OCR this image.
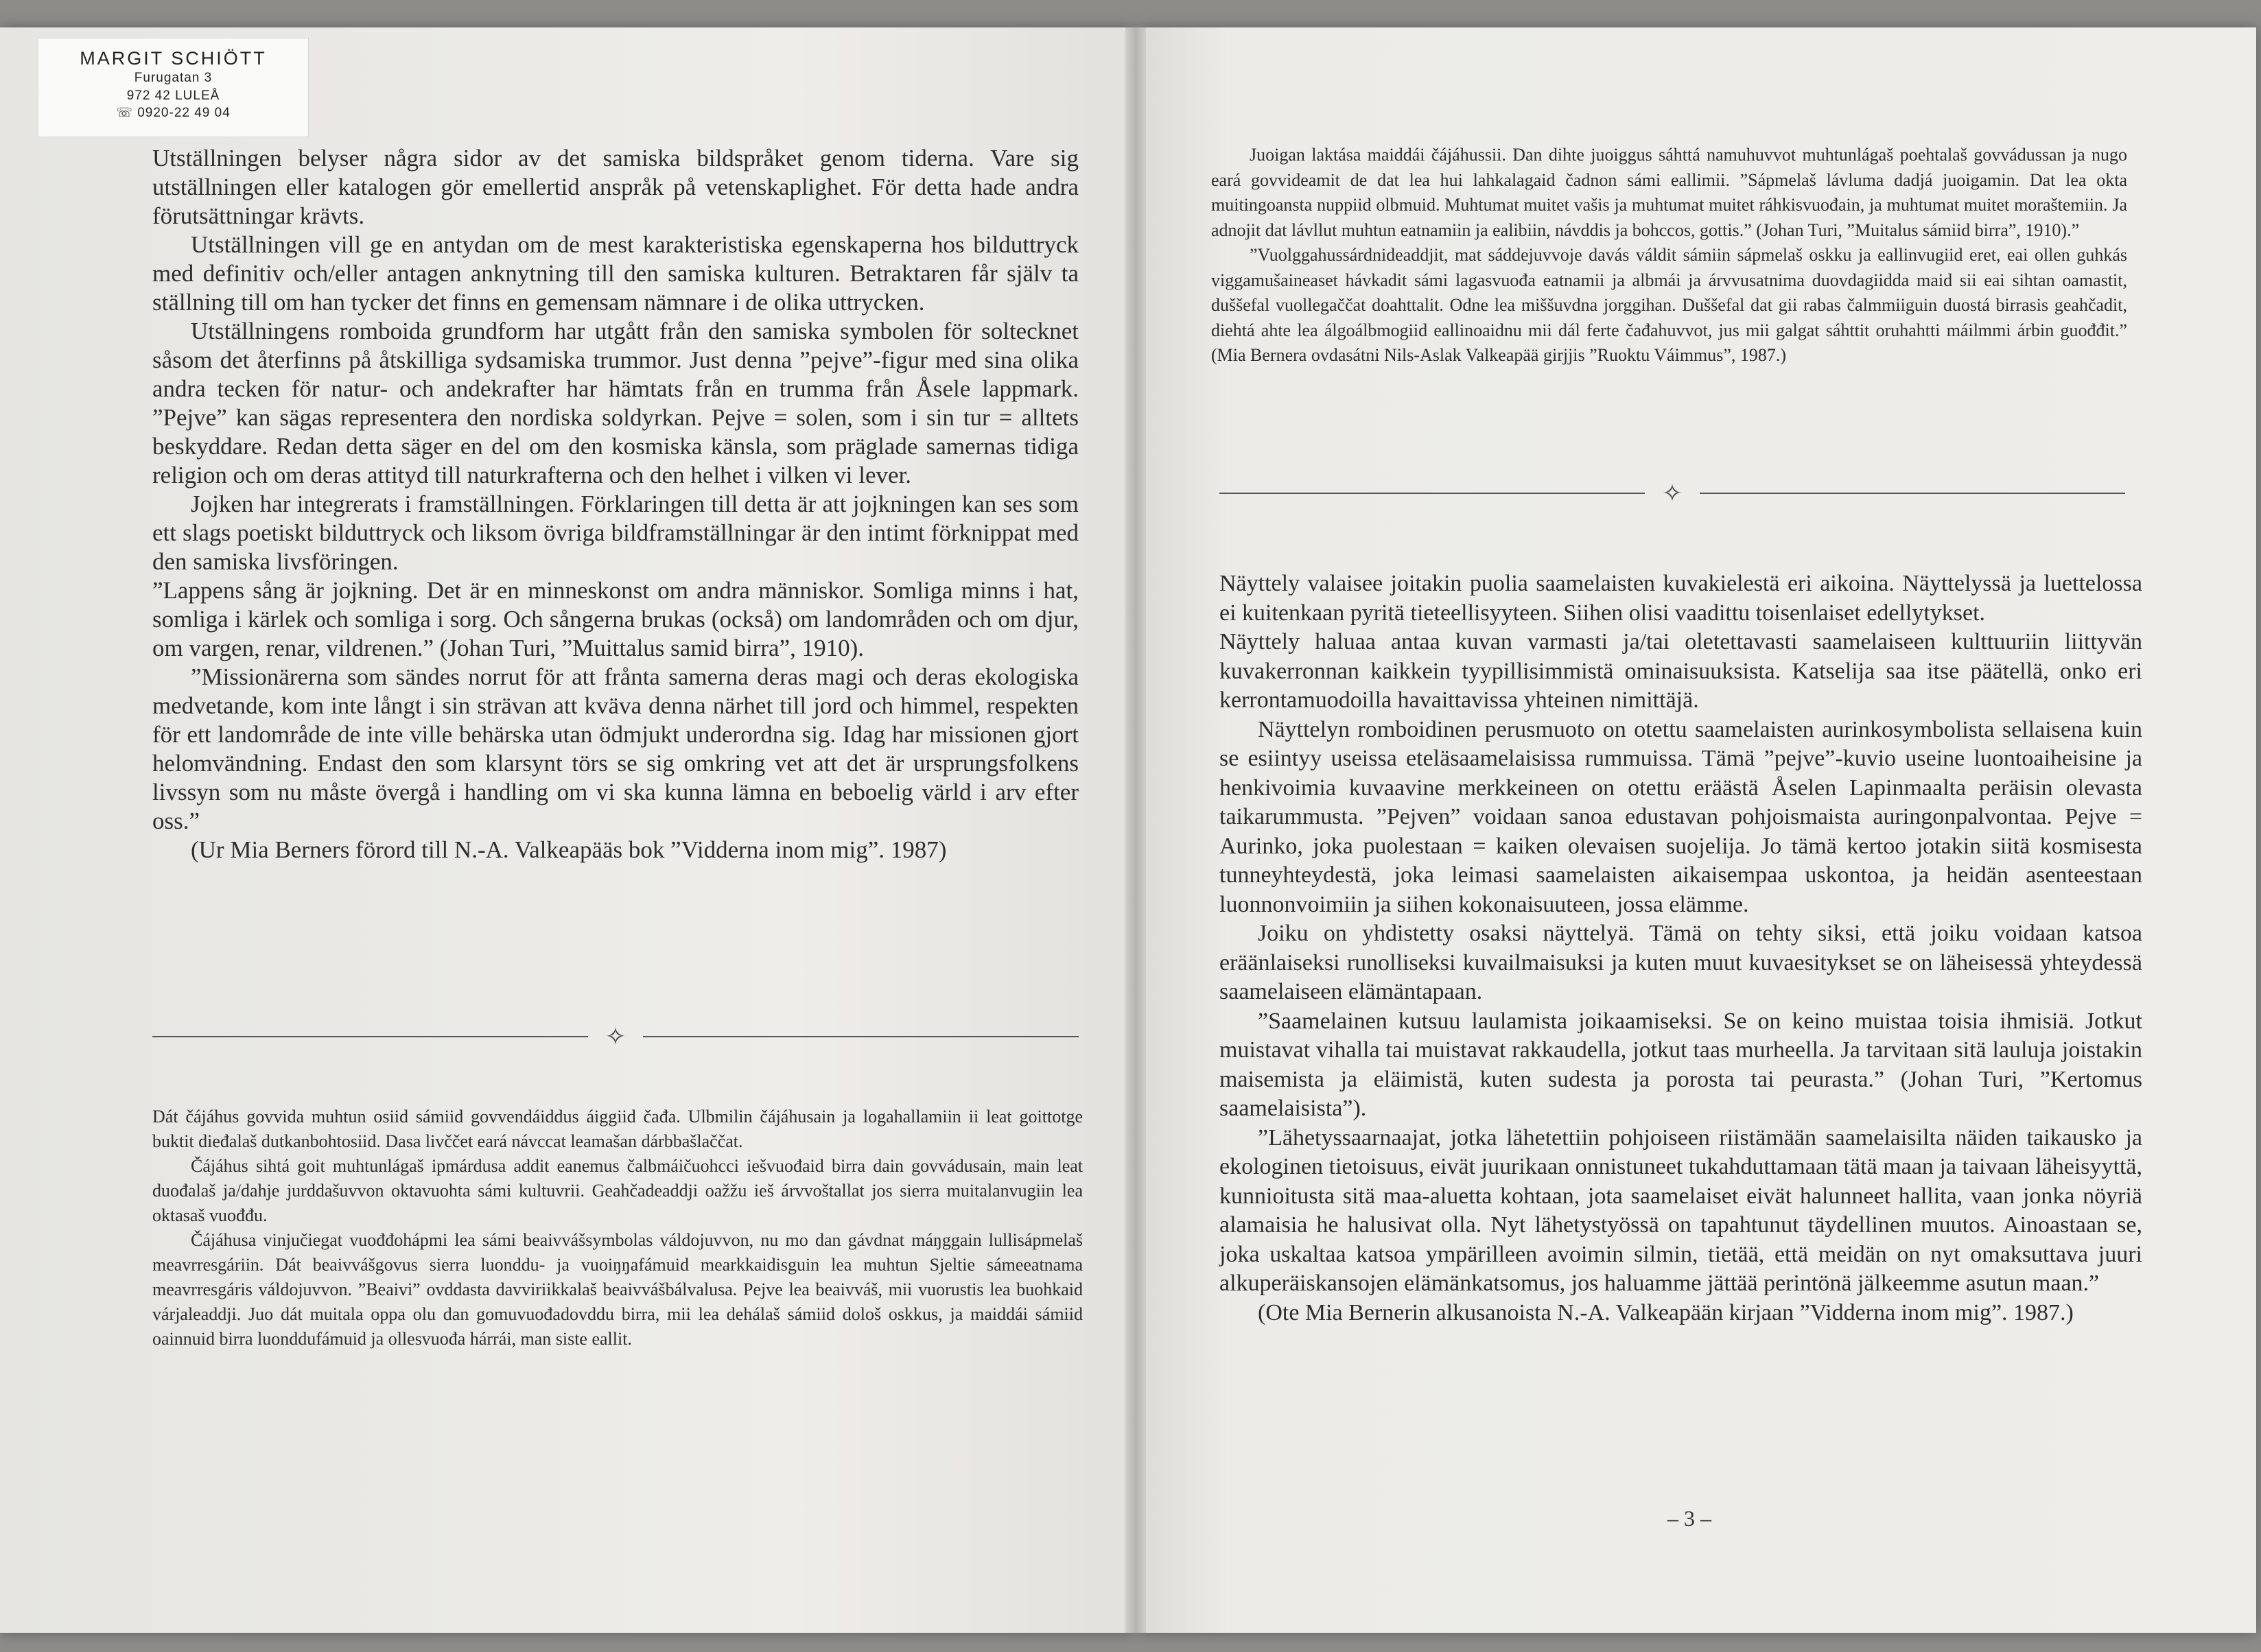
MARGIT SCHIÖTT
Furugatan 3
972 42 LULEÅ
☏ 0920-22 49 04

Utställningen belyser några sidor av det samiska bildspråket genom tiderna. Vare sig utställningen eller katalogen gör emellertid anspråk på vetenskaplighet. För detta hade andra förutsättningar krävts.

Utställningen vill ge en antydan om de mest karakteristiska egenskaperna hos bilduttryck med definitiv och/eller antagen anknytning till den samiska kulturen. Betraktaren får själv ta ställning till om han tycker det finns en gemensam nämnare i de olika uttrycken.

Utställningens romboida grundform har utgått från den samiska symbolen för soltecknet såsom det återfinns på åtskilliga sydsamiska trummor. Just denna ”pejve”-figur med sina olika andra tecken för natur- och andekrafter har hämtats från en trumma från Åsele lappmark. ”Pejve” kan sägas representera den nordiska soldyrkan. Pejve = solen, som i sin tur = alltets beskyddare. Redan detta säger en del om den kosmiska känsla, som präglade samernas tidiga religion och om deras attityd till naturkrafterna och den helhet i vilken vi lever.

Jojken har integrerats i framställningen. Förklaringen till detta är att jojkningen kan ses som ett slags poetiskt bilduttryck och liksom övriga bildframställningar är den intimt förknippat med den samiska livsföringen.

”Lappens sång är jojkning. Det är en minneskonst om andra människor. Somliga minns i hat, somliga i kärlek och somliga i sorg. Och sångerna brukas (också) om landområden och om djur, om vargen, renar, vildrenen.” (Johan Turi, ”Muittalus samid birra”, 1910).

”Missionärerna som sändes norrut för att frånta samerna deras magi och deras ekologiska medvetande, kom inte långt i sin strävan att kväva denna närhet till jord och himmel, respekten för ett landområde de inte ville behärska utan ödmjukt underordna sig. Idag har missionen gjort helomvändning. Endast den som klarsynt törs se sig omkring vet att det är ursprungsfolkens livssyn som nu måste övergå i handling om vi ska kunna lämna en beboelig värld i arv efter oss.”

(Ur Mia Berners förord till N.-A. Valkeapääs bok ”Vidderna inom mig”. 1987)

✧

Dát čájáhus govvida muhtun osiid sámiid govvendáiddus áiggiid čađa. Ulbmilin čájáhusain ja logahallamiin ii leat goittotge buktit dieđalaš dutkanbohtosiid. Dasa livččet eará návccat leamašan dárbbašlaččat.

Čájáhus sihtá goit muhtunlágaš ipmárdusa addit eanemus čalbmáičuohcci iešvuođaid birra dain govvádusain, main leat duođalaš ja/dahje jurddašuvvon oktavuohta sámi kultuvrii. Geahčadeaddji oažžu ieš árvvoštallat jos sierra muitalanvugiin lea oktasaš vuođđu.

Čájáhusa vinjučiegat vuođđohápmi lea sámi beaivvášsymbolas váldojuvvon, nu mo dan gávdnat máŋggain lullisápmelaš meavrresgáriin. Dát beaivvášgovus sierra luonddu- ja vuoiŋŋafámuid mearkkaidisguin lea muhtun Sjeltie sámeeatnama meavrresgáris váldojuvvon. ”Beaivi” ovddasta davviriikkalaš beaivvášbálvalusa. Pejve lea beaivváš, mii vuorustis lea buohkaid várjaleaddji. Juo dát muitala oppa olu dan gomuvuođadovddu birra, mii lea dehálaš sámiid dološ oskkus, ja maiddái sámiid oainnuid birra luonddufámuid ja ollesvuođa hárrái, man siste eallit.

Juoigan laktása maiddái čájáhussii. Dan dihte juoiggus sáhttá namuhuvvot muhtunlágaš poehtalaš govvádussan ja nugo eará govvideamit de dat lea hui lahkalagaid čadnon sámi eallimii. ”Sápmelaš lávluma dadjá juoigamin. Dat lea okta muitingoansta nuppiid olbmuid. Muhtumat muitet vašis ja muhtumat muitet ráhkisvuođain, ja muhtumat muitet moraštemiin. Ja adnojit dat lávllut muhtun eatnamiin ja ealibiin, návddis ja bohccos, gottis.” (Johan Turi, ”Muitalus sámiid birra”, 1910).”

”Vuolggahussárdnideaddjit, mat sáddejuvvoje davás váldit sámiin sápmelaš oskku ja eallinvugiid eret, eai ollen guhkás viggamušaineaset hávkadit sámi lagasvuođa eatnamii ja albmái ja árvvusatnima duovdagiidda maid sii eai sihtan oamastit, duššefal vuollegaččat doahttalit. Odne lea miššuvdna jorggihan. Duššefal dat gii rabas čalmmiiguin duostá birrasis geahčadit, diehtá ahte lea álgoálbmogiid eallinoaidnu mii dál ferte čađahuvvot, jus mii galgat sáhttit oruhahtti máilmmi árbin guođđit.” (Mia Bernera ovdasátni Nils-Aslak Valkeapää girjjis ”Ruoktu Váimmus”, 1987.)

✧

Näyttely valaisee joitakin puolia saamelaisten kuvakielestä eri aikoina. Näyttelyssä ja luettelossa ei kuitenkaan pyritä tieteellisyyteen. Siihen olisi vaadittu toisenlaiset edellytykset.

Näyttely haluaa antaa kuvan varmasti ja/tai oletettavasti saamelaiseen kulttuuriin liittyvän kuvakerronnan kaikkein tyypillisimmistä ominaisuuksista. Katselija saa itse päätellä, onko eri kerrontamuodoilla havaittavissa yhteinen nimittäjä.

Näyttelyn romboidinen perusmuoto on otettu saamelaisten aurinkosymbolista sellaisena kuin se esiintyy useissa eteläsaamelaisissa rummuissa. Tämä ”pejve”-kuvio useine luontoaiheisine ja henkivoimia kuvaavine merkkeineen on otettu eräästä Åselen Lapinmaalta peräisin olevasta taikarummusta. ”Pejven” voidaan sanoa edustavan pohjoismaista auringonpalvontaa. Pejve = Aurinko, joka puolestaan = kaiken olevaisen suojelija. Jo tämä kertoo jotakin siitä kosmisesta tunneyhteydestä, joka leimasi saamelaisten aikaisempaa uskontoa, ja heidän asenteestaan luonnonvoimiin ja siihen kokonaisuuteen, jossa elämme.

Joiku on yhdistetty osaksi näyttelyä. Tämä on tehty siksi, että joiku voidaan katsoa eräänlaiseksi runolliseksi kuvailmaisuksi ja kuten muut kuvaesitykset se on läheisessä yhteydessä saamelaiseen elämäntapaan.

”Saamelainen kutsuu laulamista joikaamiseksi. Se on keino muistaa toisia ihmisiä. Jotkut muistavat vihalla tai muistavat rakkaudella, jotkut taas murheella. Ja tarvitaan sitä lauluja joistakin maisemista ja eläimistä, kuten sudesta ja porosta tai peurasta.” (Johan Turi, ”Kertomus saamelaisista”).

”Lähetyssaarnaajat, jotka lähetettiin pohjoiseen riistämään saamelaisilta näiden taikausko ja ekologinen tietoisuus, eivät juurikaan onnistuneet tukahduttamaan tätä maan ja taivaan läheisyyttä, kunnioitusta sitä maa-aluetta kohtaan, jota saamelaiset eivät halunneet hallita, vaan jonka nöyriä alamaisia he halusivat olla. Nyt lähetystyössä on tapahtunut täydellinen muutos. Ainoastaan se, joka uskaltaa katsoa ympärilleen avoimin silmin, tietää, että meidän on nyt omaksuttava juuri alkuperäiskansojen elämänkatsomus, jos haluamme jättää perintönä jälkeemme asutun maan.”

(Ote Mia Bernerin alkusanoista N.-A. Valkeapään kirjaan ”Vidderna inom mig”. 1987.)

– 3 –
